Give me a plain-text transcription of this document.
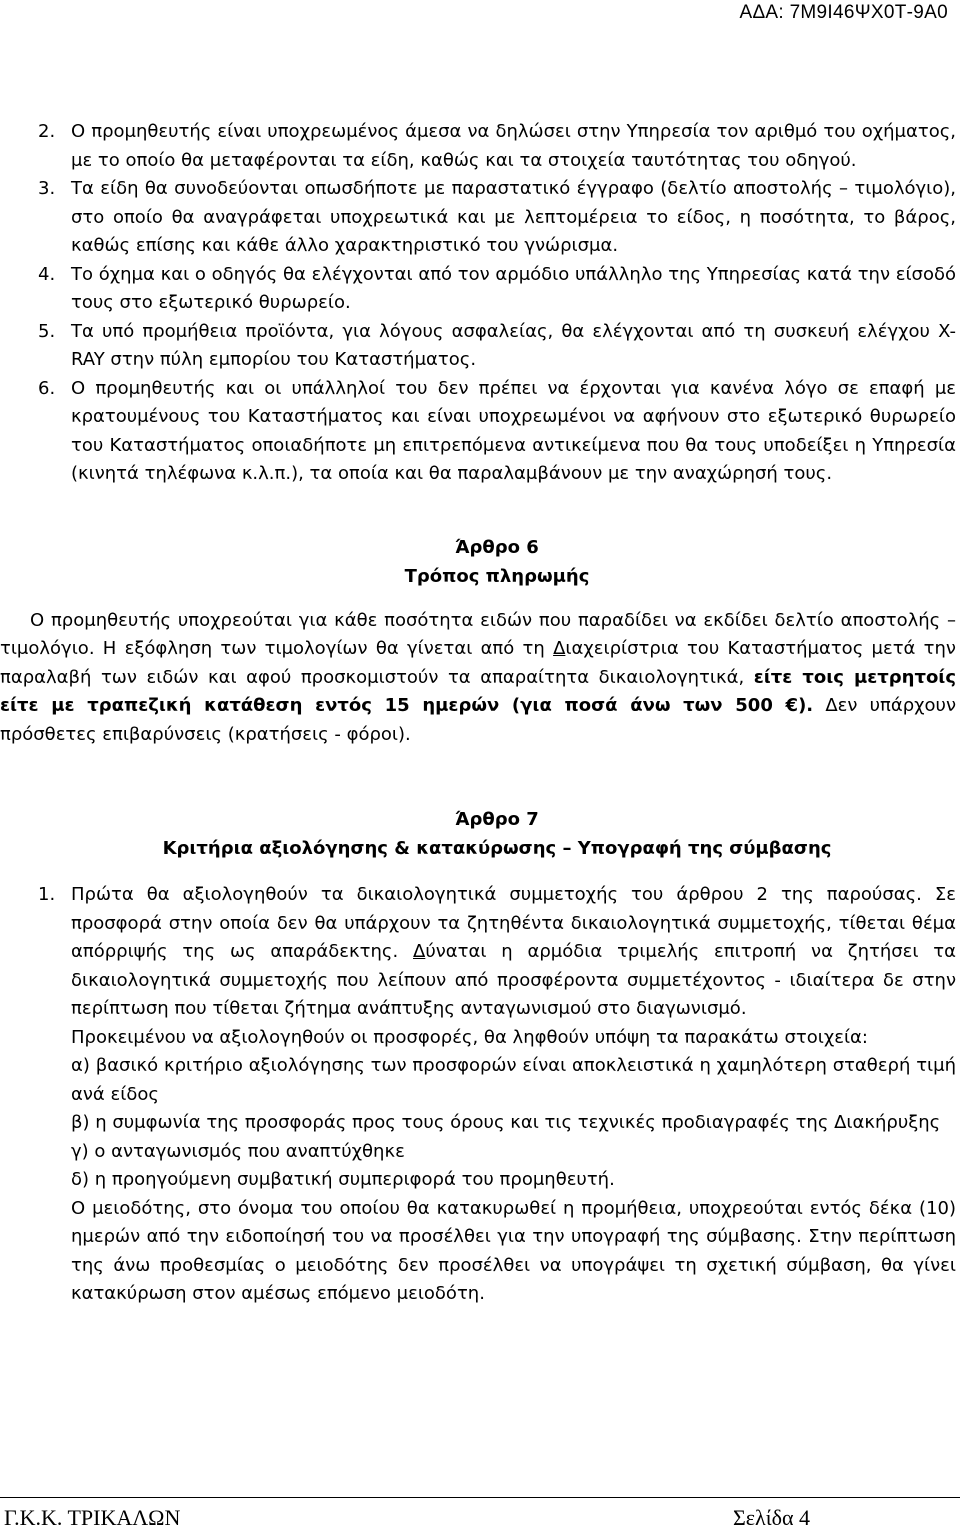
ΑΔΑ: 7Μ9Ι46ΨΧ0Τ-9Α0
2. Ο προμηθευτής είναι υποχρεωμένος άμεσα να δηλώσει στην Υπηρεσία τον αριθμό του οχήματος, με το οποίο θα μεταφέρονται τα είδη, καθώς και τα στοιχεία ταυτότητας του οδηγού.
3. Τα είδη θα συνοδεύονται οπωσδήποτε με παραστατικό έγγραφο (δελτίο αποστολής – τιμολόγιο), στο οποίο θα αναγράφεται υποχρεωτικά και με λεπτομέρεια το είδος, η ποσότητα, το βάρος, καθώς επίσης και κάθε άλλο χαρακτηριστικό του γνώρισμα.
4. Το όχημα και ο οδηγός θα ελέγχονται από τον αρμόδιο υπάλληλο της Υπηρεσίας κατά την είσοδό τους στο εξωτερικό θυρωρείο.
5. Τα υπό προμήθεια προϊόντα, για λόγους ασφαλείας, θα ελέγχονται από τη συσκευή ελέγχου X-RAY στην πύλη εμπορίου του Καταστήματος.
6. Ο προμηθευτής και οι υπάλληλοί του δεν πρέπει να έρχονται για κανένα λόγο σε επαφή με κρατουμένους του Καταστήματος και είναι υποχρεωμένοι να αφήνουν στο εξωτερικό θυρωρείο του Καταστήματος οποιαδήποτε μη επιτρεπόμενα αντικείμενα που θα τους υποδείξει η Υπηρεσία (κινητά τηλέφωνα κ.λ.π.), τα οποία και θα παραλαμβάνουν με την αναχώρησή τους.
Άρθρο 6
Τρόπος πληρωμής

Ο προμηθευτής υποχρεούται για κάθε ποσότητα ειδών που παραδίδει να εκδίδει δελτίο αποστολής – τιμολόγιο. Η εξόφληση των τιμολογίων θα γίνεται από τη Διαχειρίστρια του Καταστήματος μετά την παραλαβή των ειδών και αφού προσκομιστούν τα απαραίτητα δικαιολογητικά, είτε τοις μετρητοίς είτε με τραπεζική κατάθεση εντός 15 ημερών (για ποσά άνω των 500 €). Δεν υπάρχουν πρόσθετες επιβαρύνσεις (κρατήσεις - φόροι).

Άρθρο 7
Κριτήρια αξιολόγησης & κατακύρωσης – Υπογραφή της σύμβασης
1. Πρώτα θα αξιολογηθούν τα δικαιολογητικά συμμετοχής του άρθρου 2 της παρούσας. Σε προσφορά στην οποία δεν θα υπάρχουν τα ζητηθέντα δικαιολογητικά συμμετοχής, τίθεται θέμα απόρριψής της ως απαράδεκτης. Δύναται η αρμόδια τριμελής επιτροπή να ζητήσει τα δικαιολογητικά συμμετοχής που λείπουν από προσφέροντα συμμετέχοντος - ιδιαίτερα δε στην περίπτωση που τίθεται ζήτημα ανάπτυξης ανταγωνισμού στο διαγωνισμό.
Προκειμένου να αξιολογηθούν οι προσφορές, θα ληφθούν υπόψη τα παρακάτω στοιχεία:
α) βασικό κριτήριο αξιολόγησης των προσφορών είναι αποκλειστικά η χαμηλότερη σταθερή τιμή ανά είδος
β) η συμφωνία της προσφοράς προς τους όρους και τις τεχνικές προδιαγραφές της Διακήρυξης
γ) ο ανταγωνισμός που αναπτύχθηκε
δ) η προηγούμενη συμβατική συμπεριφορά του προμηθευτή.
Ο μειοδότης, στο όνομα του οποίου θα κατακυρωθεί η προμήθεια, υποχρεούται εντός δέκα (10) ημερών από την ειδοποίησή του να προσέλθει για την υπογραφή της σύμβασης. Στην περίπτωση της άνω προθεσμίας ο μειοδότης δεν προσέλθει να υπογράψει τη σχετική σύμβαση, θα γίνει κατακύρωση στον αμέσως επόμενο μειοδότη.
Γ.Κ.Κ. ΤΡΙΚΑΛΩΝ	Σελίδα 4
